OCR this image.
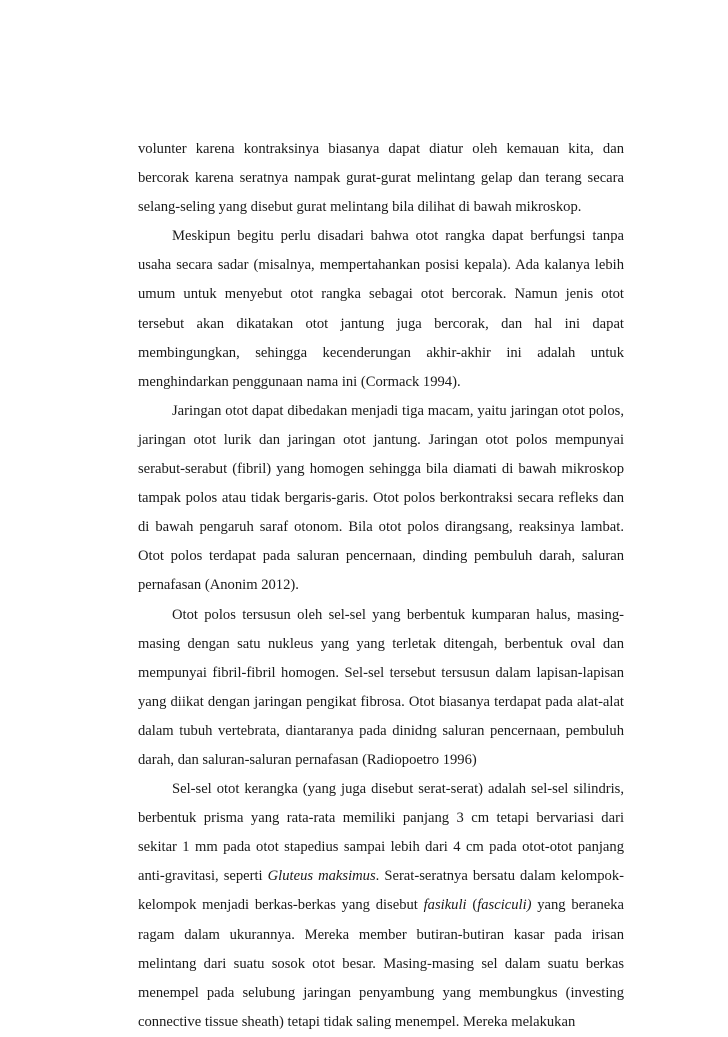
volunter karena kontraksinya biasanya dapat diatur oleh kemauan kita, dan bercorak karena seratnya nampak gurat-gurat melintang gelap dan terang secara selang-seling yang disebut gurat melintang bila dilihat di bawah mikroskop.

Meskipun begitu perlu disadari bahwa otot rangka dapat berfungsi tanpa usaha secara sadar (misalnya, mempertahankan posisi kepala). Ada kalanya lebih umum untuk menyebut otot rangka sebagai otot bercorak. Namun jenis otot tersebut akan dikatakan otot jantung juga bercorak, dan hal ini dapat membingungkan, sehingga kecenderungan akhir-akhir ini adalah untuk menghindarkan penggunaan nama ini (Cormack 1994).

Jaringan otot dapat dibedakan menjadi tiga macam, yaitu jaringan otot polos, jaringan otot lurik dan jaringan otot jantung. Jaringan otot polos mempunyai serabut-serabut (fibril) yang homogen sehingga bila diamati di bawah mikroskop tampak polos atau tidak bergaris-garis. Otot polos berkontraksi secara refleks dan di bawah pengaruh saraf otonom. Bila otot polos dirangsang, reaksinya lambat. Otot polos terdapat pada saluran pencernaan, dinding pembuluh darah, saluran pernafasan (Anonim 2012).

Otot polos tersusun oleh sel-sel yang berbentuk kumparan halus, masing-masing dengan satu nukleus yang yang terletak ditengah, berbentuk oval dan mempunyai fibril-fibril homogen. Sel-sel tersebut tersusun dalam lapisan-lapisan yang diikat dengan jaringan pengikat fibrosa. Otot biasanya terdapat pada alat-alat dalam tubuh vertebrata, diantaranya pada dinidng saluran pencernaan, pembuluh darah, dan saluran-saluran pernafasan (Radiopoetro 1996)

Sel-sel otot kerangka (yang juga disebut serat-serat) adalah sel-sel silindris, berbentuk prisma yang rata-rata memiliki panjang 3 cm tetapi bervariasi dari sekitar 1 mm pada otot stapedius sampai lebih dari 4 cm pada otot-otot panjang anti-gravitasi, seperti Gluteus maksimus. Serat-seratnya bersatu dalam kelompok-kelompok menjadi berkas-berkas yang disebut fasikuli (fasciculi) yang beraneka ragam dalam ukurannya. Mereka member butiran-butiran kasar pada irisan melintang dari suatu sosok otot besar. Masing-masing sel dalam suatu berkas menempel pada selubung jaringan penyambung yang membungkus (investing connective tissue sheath) tetapi tidak saling menempel. Mereka melakukan
